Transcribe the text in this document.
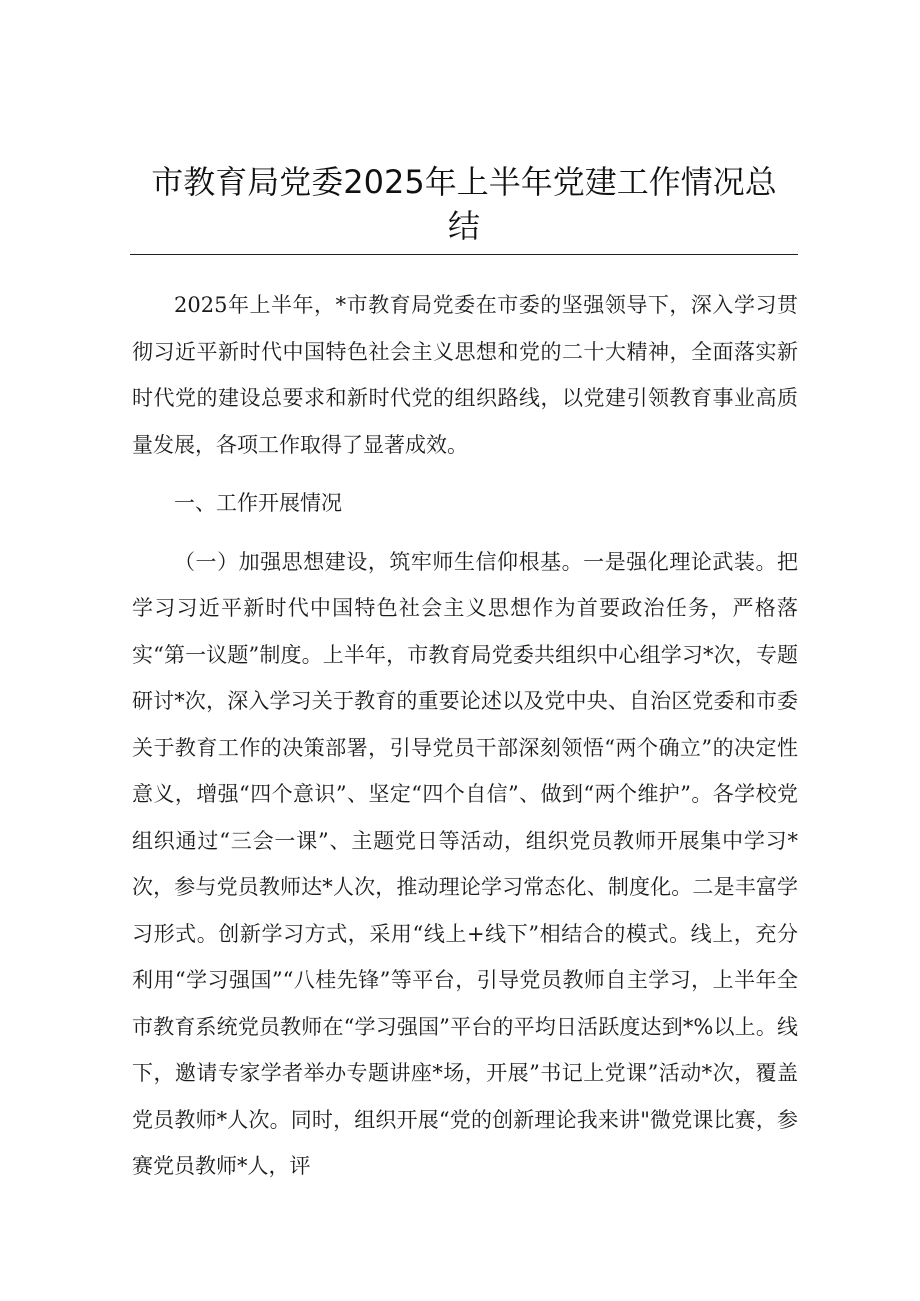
市教育局党委2025年上半年党建工作情况总
结

2025年上半年，*市教育局党委在市委的坚强领导下，深入学习贯彻习近平新时代中国特色社会主义思想和党的二十大精神，全面落实新时代党的建设总要求和新时代党的组织路线，以党建引领教育事业高质量发展，各项工作取得了显著成效。

一、工作开展情况

（一）加强思想建设，筑牢师生信仰根基。一是强化理论武装。把学习习近平新时代中国特色社会主义思想作为首要政治任务，严格落实“第一议题”制度。上半年，市教育局党委共组织中心组学习*次，专题研讨*次，深入学习关于教育的重要论述以及党中央、自治区党委和市委关于教育工作的决策部署，引导党员干部深刻领悟“两个确立”的决定性意义，增强“四个意识”、坚定“四个自信”、做到“两个维护”。各学校党组织通过“三会一课”、主题党日等活动，组织党员教师开展集中学习*次，参与党员教师达*人次，推动理论学习常态化、制度化。二是丰富学习形式。创新学习方式，采用“线上+线下”相结合的模式。线上，充分利用“学习强国”“八桂先锋”等平台，引导党员教师自主学习，上半年全市教育系统党员教师在“学习强国”平台的平均日活跃度达到*%以上。线下，邀请专家学者举办专题讲座*场，开展”书记上党课”活动*次，覆盖党员教师*人次。同时，组织开展“党的创新理论我来讲"微党课比赛，参赛党员教师*人，评
